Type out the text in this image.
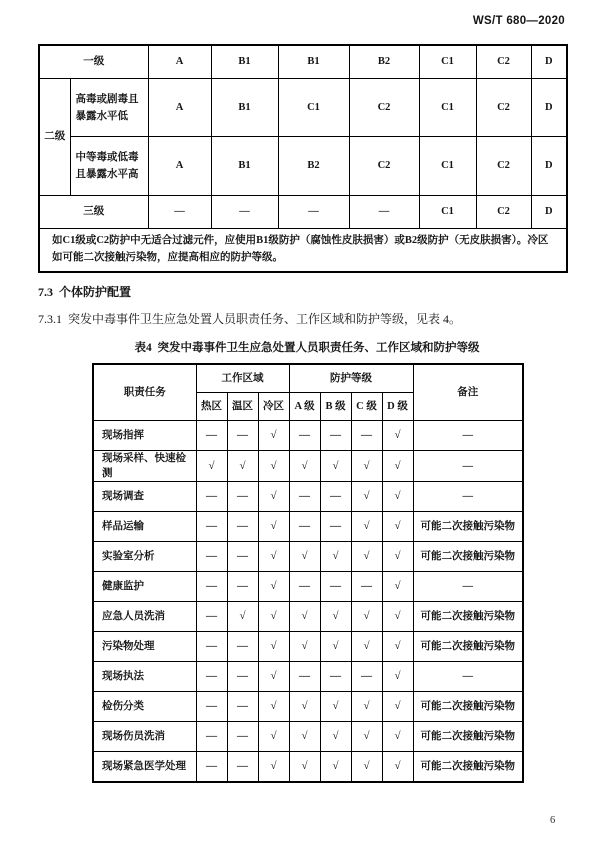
WS/T 680—2020
一级		A	B1	B1	B2	C1	C2	D
二级	高毒或剧毒且暴露水平低	A	B1	C1	C2	C1	C2	D
	中等毒或低毒且暴露水平高	A	B1	B2	C2	C1	C2	D
三级		—	—	—	—	C1	C2	D
如C1级或C2防护中无适合过滤元件，应使用B1级防护（腐蚀性皮肤损害）或B2级防护（无皮肤损害）。冷区如可能二次接触污染物，应提高相应的防护等级。								
7.3  个体防护配置
7.3.1  突发中毒事件卫生应急处置人员职责任务、工作区域和防护等级，见表 4。
表4  突发中毒事件卫生应急处置人员职责任务、工作区域和防护等级
职责任务	工作区域			防护等级				备注
	热区	温区	冷区	A 级	B 级	C 级	D 级	
现场指挥	—	—	√	—	—	—	√	—
现场采样、快速检测	√	√	√	√	√	√	√	—
现场调查	—	—	√	—	—	√	√	—
样品运输	—	—	√	—	—	√	√	可能二次接触污染物
实验室分析	—	—	√	√	√	√	√	可能二次接触污染物
健康监护	—	—	√	—	—	—	√	—
应急人员洗消	—	√	√	√	√	√	√	可能二次接触污染物
污染物处理	—	—	√	√	√	√	√	可能二次接触污染物
现场执法	—	—	√	—	—	—	√	—
检伤分类	—	—	√	√	√	√	√	可能二次接触污染物
现场伤员洗消	—	—	√	√	√	√	√	可能二次接触污染物
现场紧急医学处理	—	—	√	√	√	√	√	可能二次接触污染物
6
